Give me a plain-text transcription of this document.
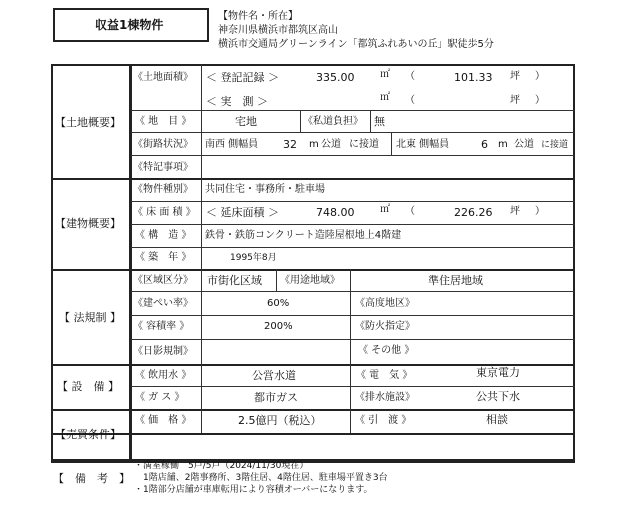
収益1棟物件
【物件名・所在】
神奈川県横浜市都筑区高山
横浜市交通局グリーンライン「都筑ふれあいの丘」駅徒歩5分
【土地概要】
【建物概要】
【 法規制 】
【 設　備 】
【売買条件】
【　備　考　】
《土地面積》 ＜ 登記記録 ＞	335.00	㎡ （	101.33 坪 ）
＜ 実　測 ＞	㎡ （	坪 ）
《 地　目 》	宅地	《私道負担》 無
《街路状況》 南西 側幅員 32 m 公道 に接道 北東 側幅員	6 m 公道 に接道
《特記事項》
《物件種別》 共同住宅・事務所・駐車場
《 床 面 積 》 ＜ 延床面積 ＞	748.00	㎡ （	226.26 坪 ）
《 構　造 》 鉄骨・鉄筋コンクリート造陸屋根地上4階建
《 築　年 》	1995年8月
《区域区分》 市街化区域 《用途地域》	準住居地域
《建ぺい率》	60%	《高度地区》
《 容積率 》	200%	《防火指定》
《日影規制》	《 その他 》
《 飲用水 》	公営水道	《 電　気 》	東京電力
《 ガ ス 》	都市ガス	《排水施設》	公共下水
《 価　格 》	2.5億円（税込）	《 引　渡 》	相談
・満室稼働　5戸/5戸（2024/11/30現在）
　1階店舗、2階事務所、3階住居、4階住居、駐車場平置き3台
・1階部分店舗が車庫転用により容積オーバーになります。
